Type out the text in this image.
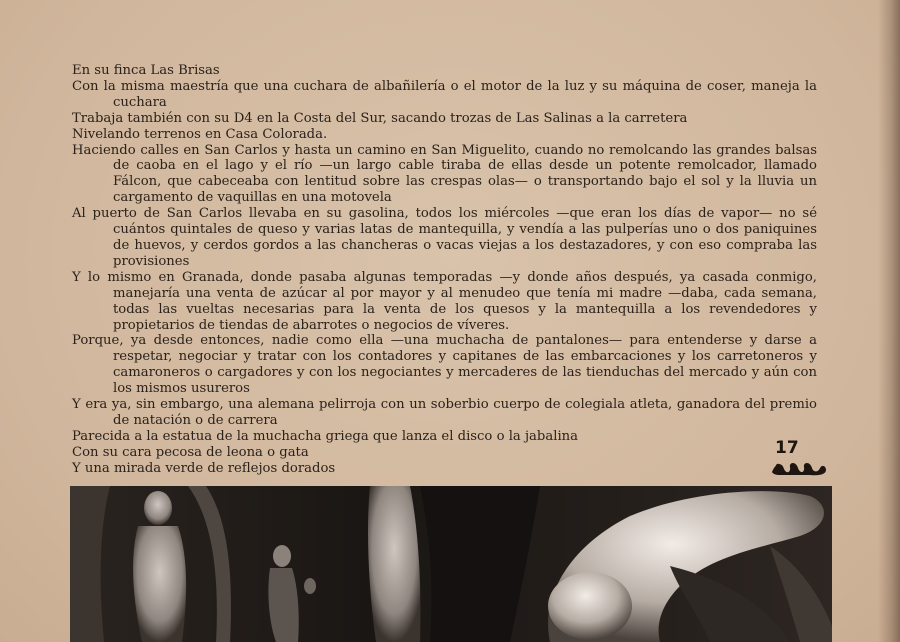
En su finca Las Brisas
Con la misma maestría que una cuchara de albañilería o el motor de la luz y su máquina de coser, maneja la cuchara
Trabaja también con su D4 en la Costa del Sur, sacando trozas de Las Salinas a la carretera
Nivelando terrenos en Casa Colorada.
Haciendo calles en San Carlos y hasta un camino en San Miguelito, cuando no remolcando las grandes balsas de caoba en el lago y el río —un largo cable tiraba de ellas desde un potente remolcador, llamado Fálcon, que cabeceaba con lentitud sobre las crespas olas— o transportando bajo el sol y la lluvia un cargamento de vaquillas en una motovela
Al puerto de San Carlos llevaba en su gasolina, todos los miércoles —que eran los días de vapor— no sé cuántos quintales de queso y varias latas de mantequilla, y vendía a las pulperías uno o dos paniquines de huevos, y cerdos gordos a las chancheras o vacas viejas a los destazadores, y con eso compraba las provisiones
Y lo mismo en Granada, donde pasaba algunas temporadas —y donde años después, ya casada conmigo, manejaría una venta de azúcar al por mayor y al menudeo que tenía mi madre —daba, cada semana, todas las vueltas necesarias para la venta de los quesos y la mantequilla a los revendedores y propietarios de tiendas de abarrotes o negocios de víveres.
Porque, ya desde entonces, nadie como ella —una muchacha de pantalones— para entenderse y darse a respetar, negociar y tratar con los contadores y capitanes de las embarcaciones y los carretoneros y camaroneros o cargadores y con los negociantes y mercaderes de las tienduchas del mercado y aún con los mismos usureros
Y era ya, sin embargo, una alemana pelirroja con un soberbio cuerpo de colegiala atleta, ganadora del premio de natación o de carrera
Parecida a la estatua de la muchacha griega que lanza el disco o la jabalina
Con su cara pecosa de leona o gata
Y una mirada verde de reflejos dorados
17
